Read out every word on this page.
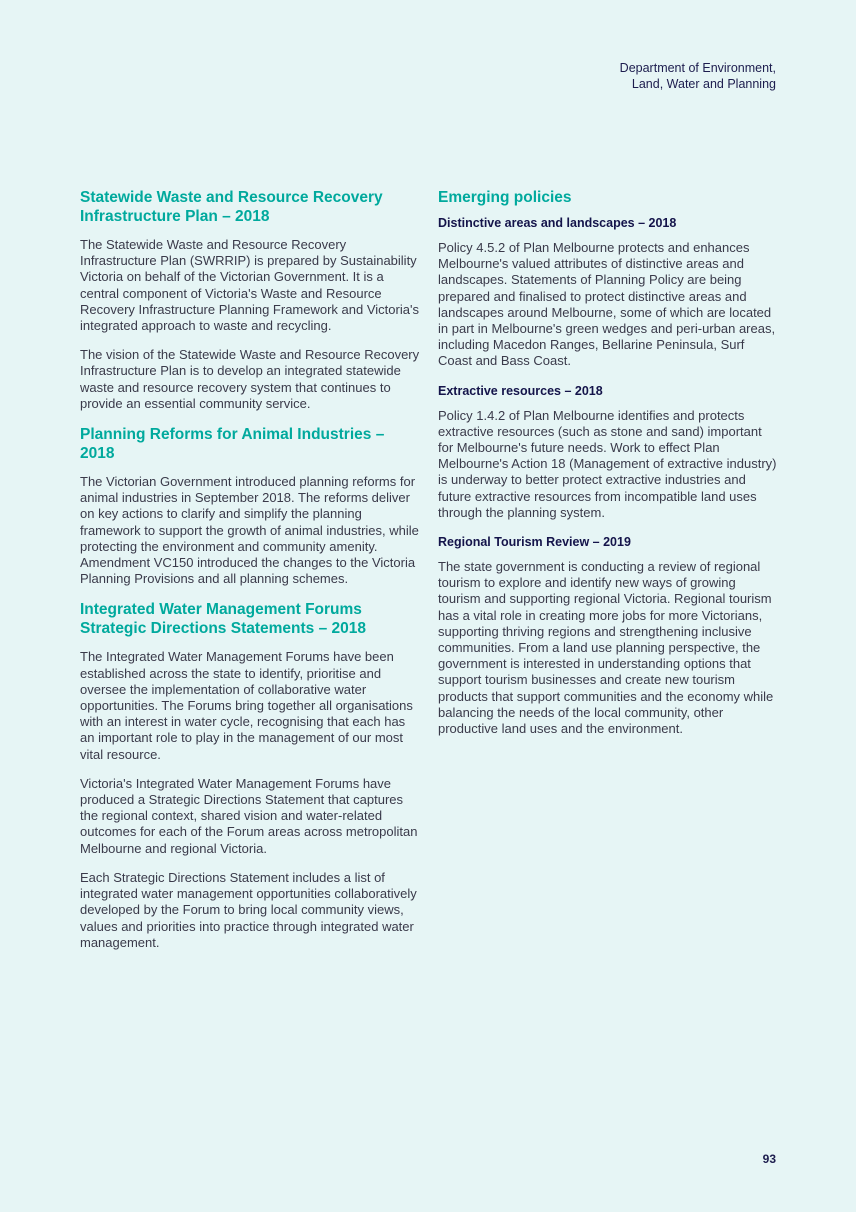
Department of Environment,
Land, Water and Planning
Statewide Waste and Resource Recovery Infrastructure Plan – 2018

The Statewide Waste and Resource Recovery Infrastructure Plan (SWRRIP) is prepared by Sustainability Victoria on behalf of the Victorian Government. It is a central component of Victoria's Waste and Resource Recovery Infrastructure Planning Framework and Victoria's integrated approach to waste and recycling.

The vision of the Statewide Waste and Resource Recovery Infrastructure Plan is to develop an integrated statewide waste and resource recovery system that continues to provide an essential community service.

Planning Reforms for Animal Industries – 2018

The Victorian Government introduced planning reforms for animal industries in September 2018. The reforms deliver on key actions to clarify and simplify the planning framework to support the growth of animal industries, while protecting the environment and community amenity. Amendment VC150 introduced the changes to the Victoria Planning Provisions and all planning schemes.

Integrated Water Management Forums Strategic Directions Statements – 2018

The Integrated Water Management Forums have been established across the state to identify, prioritise and oversee the implementation of collaborative water opportunities. The Forums bring together all organisations with an interest in water cycle, recognising that each has an important role to play in the management of our most vital resource.

Victoria's Integrated Water Management Forums have produced a Strategic Directions Statement that captures the regional context, shared vision and water-related outcomes for each of the Forum areas across metropolitan Melbourne and regional Victoria.

Each Strategic Directions Statement includes a list of integrated water management opportunities collaboratively developed by the Forum to bring local community views, values and priorities into practice through integrated water management.

Emerging policies
Distinctive areas and landscapes – 2018

Policy 4.5.2 of Plan Melbourne protects and enhances Melbourne's valued attributes of distinctive areas and landscapes. Statements of Planning Policy are being prepared and finalised to protect distinctive areas and landscapes around Melbourne, some of which are located in part in Melbourne's green wedges and peri-urban areas, including Macedon Ranges, Bellarine Peninsula, Surf Coast and Bass Coast.

Extractive resources – 2018

Policy 1.4.2 of Plan Melbourne identifies and protects extractive resources (such as stone and sand) important for Melbourne's future needs. Work to effect Plan Melbourne's Action 18 (Management of extractive industry) is underway to better protect extractive industries and future extractive resources from incompatible land uses through the planning system.

Regional Tourism Review – 2019

The state government is conducting a review of regional tourism to explore and identify new ways of growing tourism and supporting regional Victoria. Regional tourism has a vital role in creating more jobs for more Victorians, supporting thriving regions and strengthening inclusive communities. From a land use planning perspective, the government is interested in understanding options that support tourism businesses and create new tourism products that support communities and the economy while balancing the needs of the local community, other productive land uses and the environment.

93
